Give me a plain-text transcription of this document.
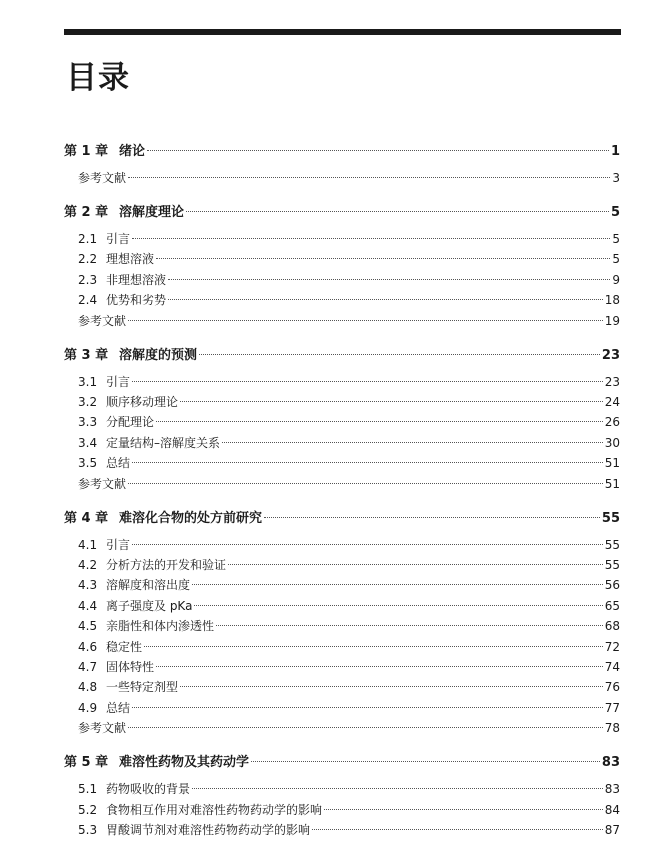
目录
第 1 章 绪论	1
参考文献	3
第 2 章 溶解度理论	5
2.1 引言	5
2.2 理想溶液	5
2.3 非理想溶液	9
2.4 优势和劣势	18
参考文献	19
第 3 章 溶解度的预测	23
3.1 引言	23
3.2 顺序移动理论	24
3.3 分配理论	26
3.4 定量结构–溶解度关系	30
3.5 总结	51
参考文献	51
第 4 章 难溶化合物的处方前研究	55
4.1 引言	55
4.2 分析方法的开发和验证	55
4.3 溶解度和溶出度	56
4.4 离子强度及 pKa	65
4.5 亲脂性和体内渗透性	68
4.6 稳定性	72
4.7 固体特性	74
4.8 一些特定剂型	76
4.9 总结	77
参考文献	78
第 5 章 难溶性药物及其药动学	83
5.1 药物吸收的背景	83
5.2 食物相互作用对难溶性药物药动学的影响	84
5.3 胃酸调节剂对难溶性药物药动学的影响	87
